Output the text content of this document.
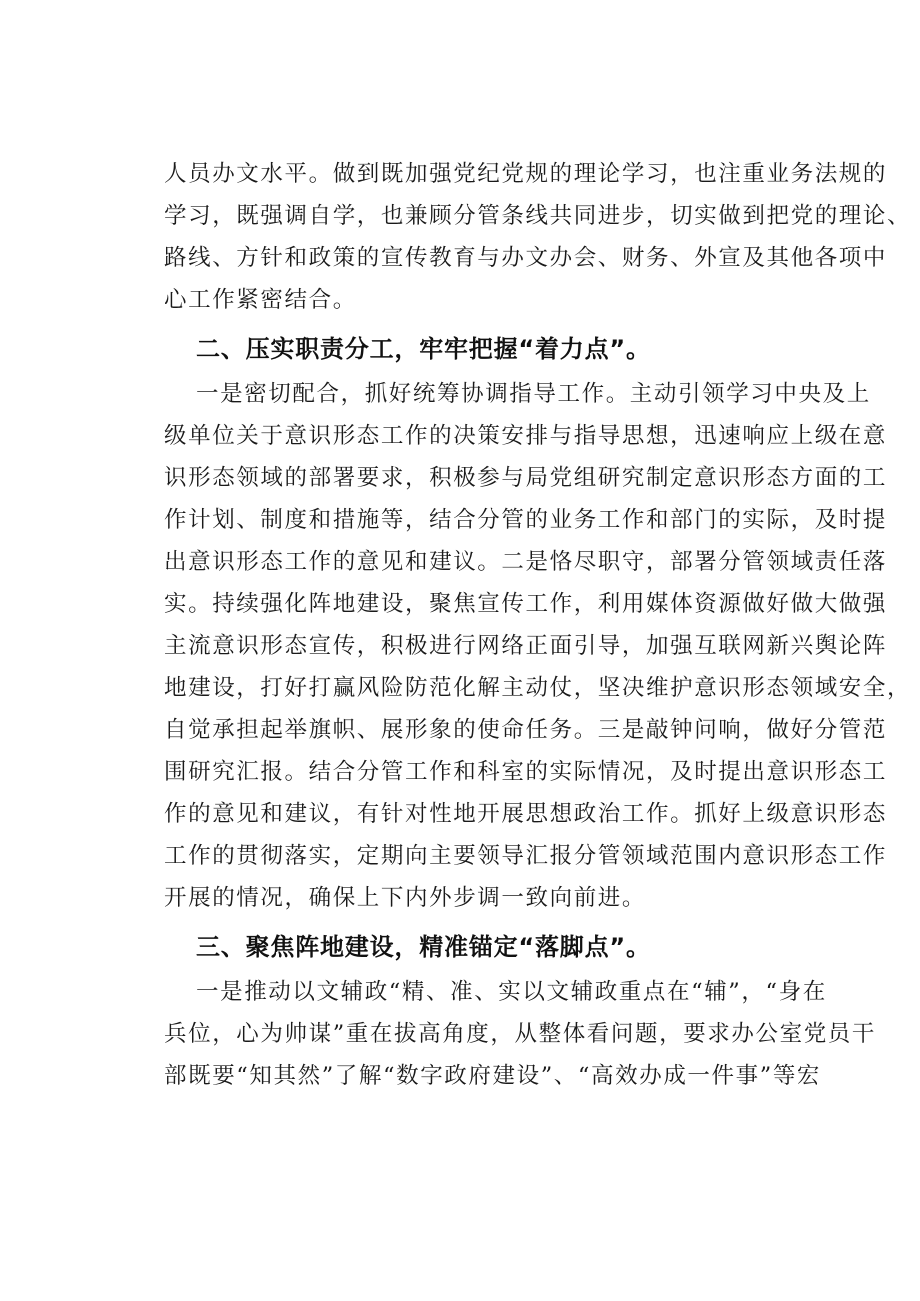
人员办文水平。做到既加强党纪党规的理论学习，也注重业务法规的
学习，既强调自学，也兼顾分管条线共同进步，切实做到把党的理论、
路线、方针和政策的宣传教育与办文办会、财务、外宣及其他各项中
心工作紧密结合。
二、压实职责分工，牢牢把握“着力点”。
一是密切配合，抓好统筹协调指导工作。主动引领学习中央及上
级单位关于意识形态工作的决策安排与指导思想，迅速响应上级在意
识形态领域的部署要求，积极参与局党组研究制定意识形态方面的工
作计划、制度和措施等，结合分管的业务工作和部门的实际，及时提
出意识形态工作的意见和建议。二是恪尽职守，部署分管领域责任落
实。持续强化阵地建设，聚焦宣传工作，利用媒体资源做好做大做强
主流意识形态宣传，积极进行网络正面引导，加强互联网新兴舆论阵
地建设，打好打赢风险防范化解主动仗，坚决维护意识形态领域安全，
自觉承担起举旗帜、展形象的使命任务。三是敲钟问响，做好分管范
围研究汇报。结合分管工作和科室的实际情况，及时提出意识形态工
作的意见和建议，有针对性地开展思想政治工作。抓好上级意识形态
工作的贯彻落实，定期向主要领导汇报分管领域范围内意识形态工作
开展的情况，确保上下内外步调一致向前进。
三、聚焦阵地建设，精准锚定“落脚点”。
一是推动以文辅政“精、准、实以文辅政重点在“辅”，“身在
兵位，心为帅谋”重在拔高角度，从整体看问题，要求办公室党员干
部既要“知其然”了解“数字政府建设”、“高效办成一件事”等宏
